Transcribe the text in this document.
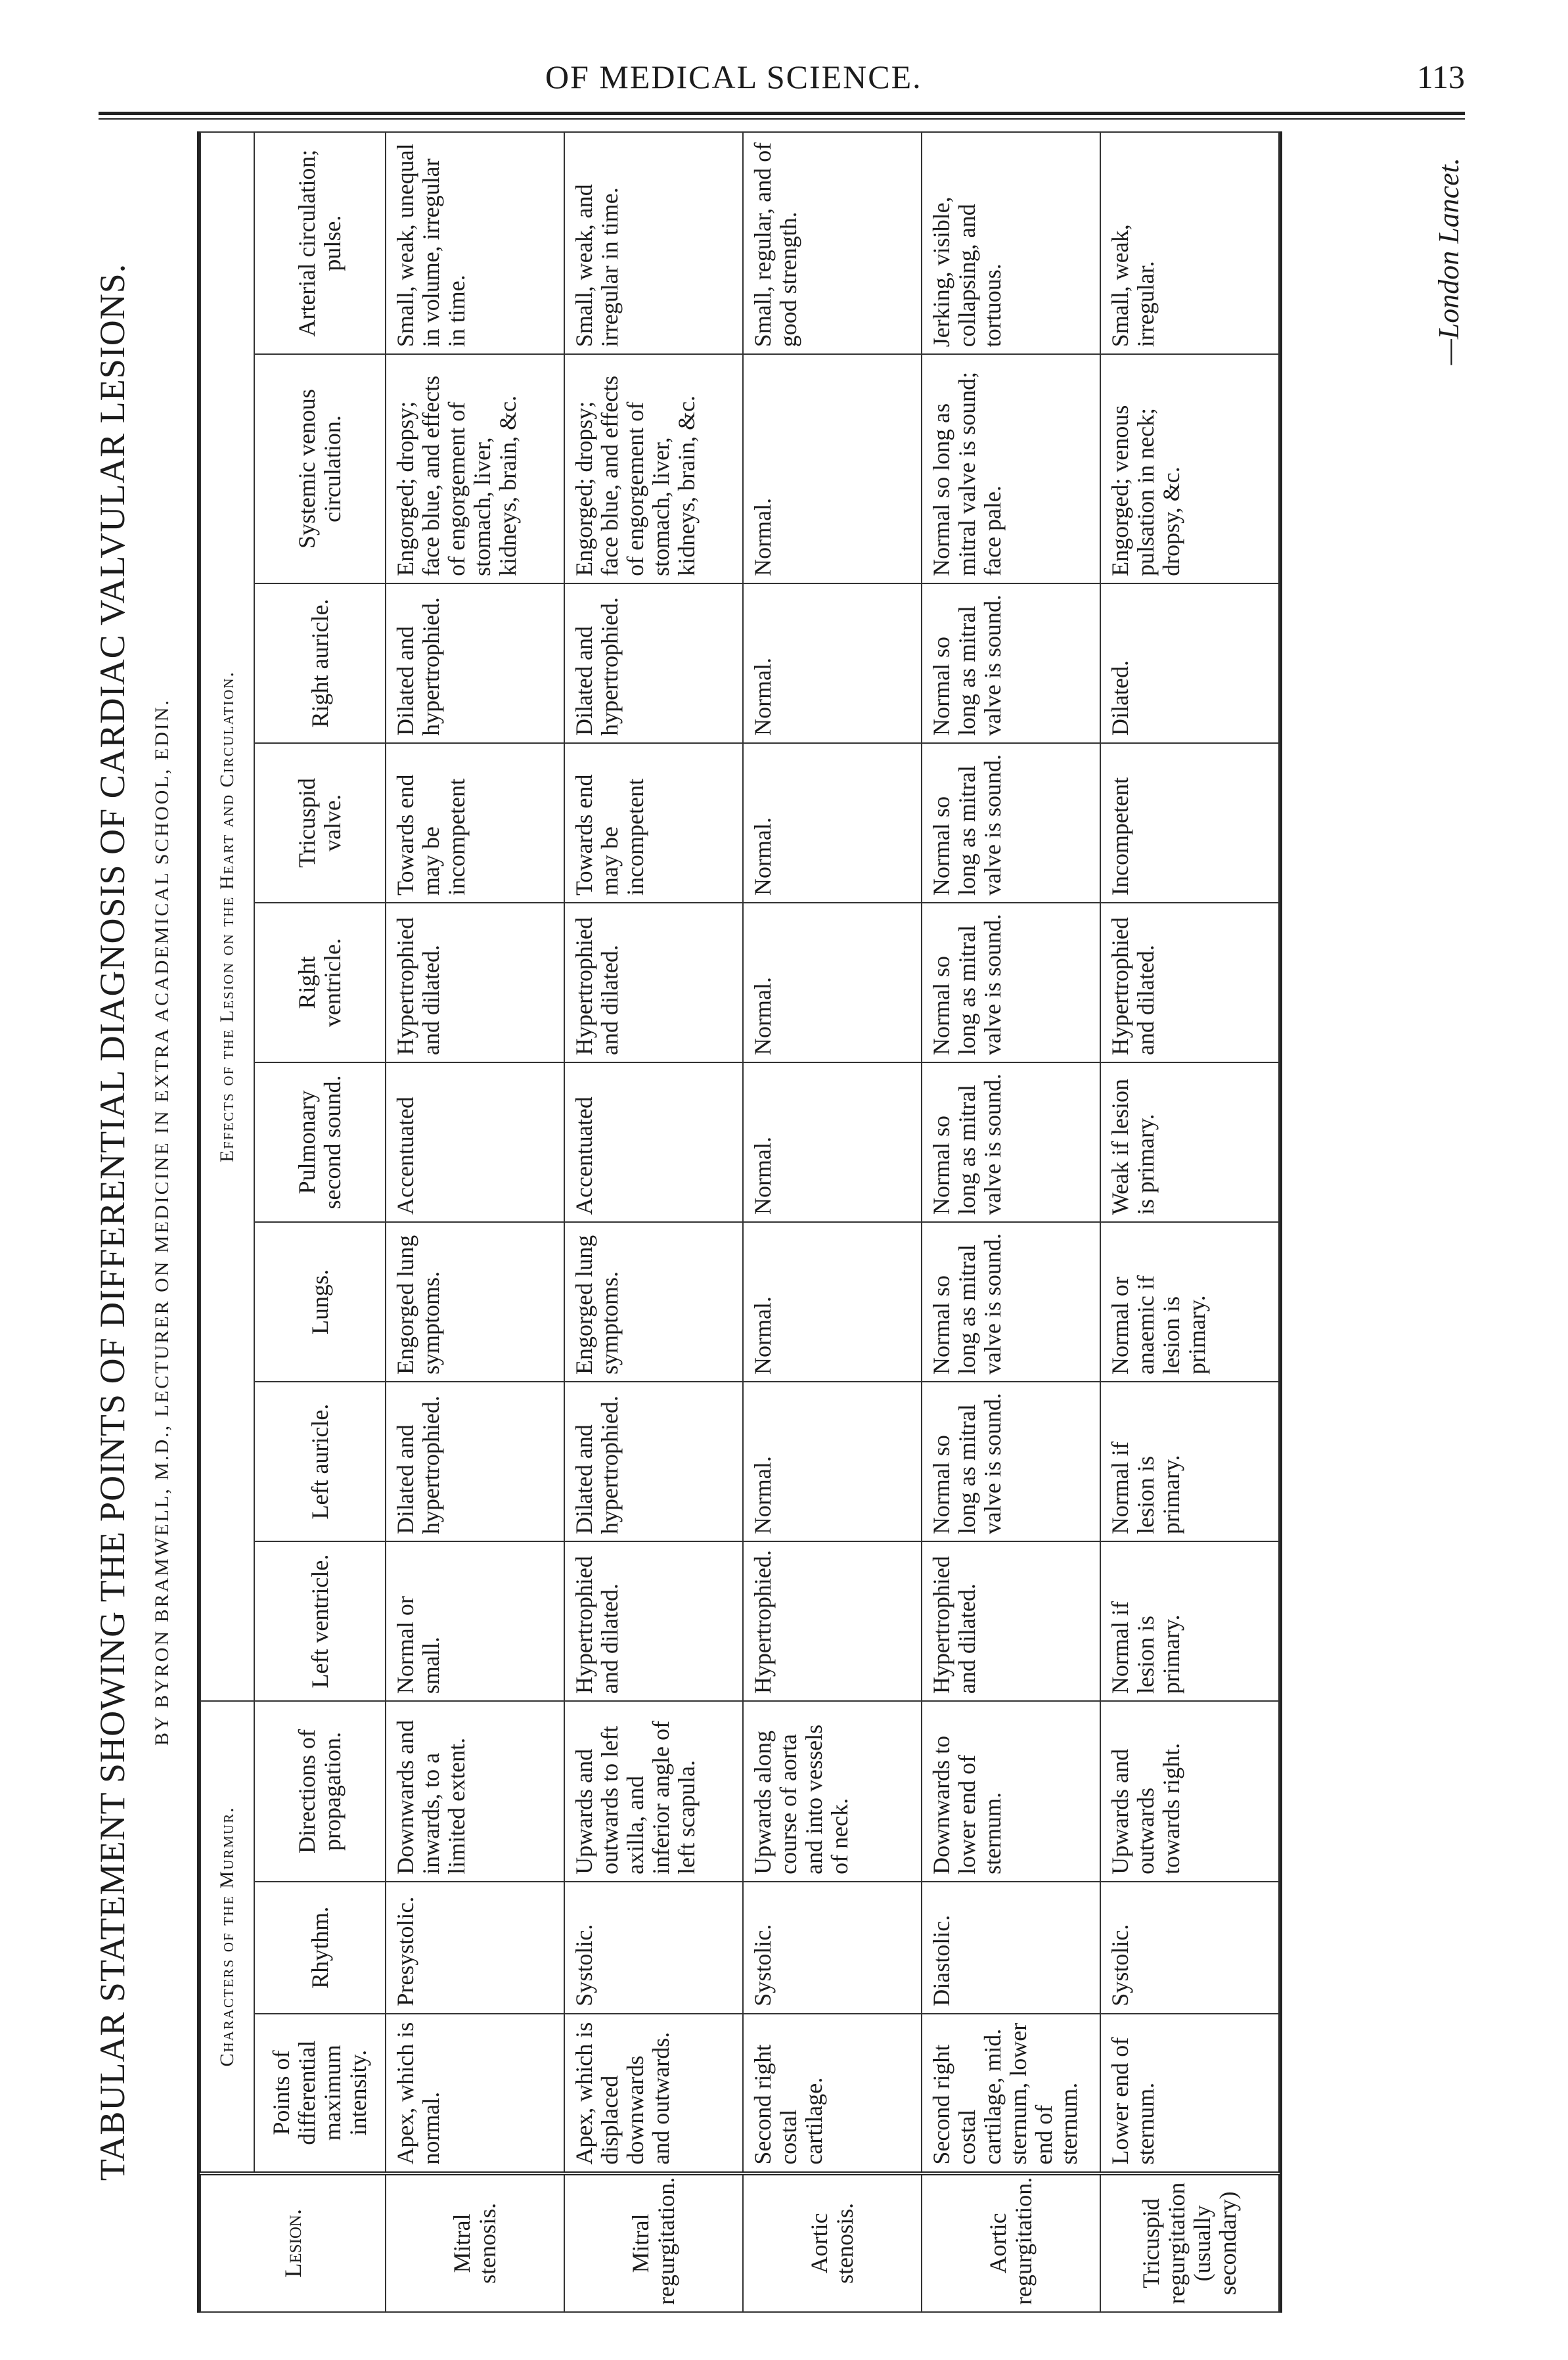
OF MEDICAL SCIENCE.	113
TABULAR STATEMENT SHOWING THE POINTS OF DIFFERENTIAL DIAGNOSIS OF CARDIAC VALVULAR LESIONS. BY BYRON BRAMWELL, M.D., LECTURER ON MEDICINE IN EXTRA ACADEMICAL SCHOOL, EDIN.
Lesion.	Characters of the Murmur.			Effects of the Lesion on the Heart and Circulation.								
	Points of differential maximum intensity.	Rhythm.	Directions of propagation.	Left ventricle.	Left auricle.	Lungs.	Pulmonary second sound.	Right ventricle.	Tricuspid valve.	Right auricle.	Systemic venous circulation.	Arterial circulation; pulse.
Mitral stenosis.	Apex, which is normal.	Presystolic.	Downwards and inwards, to a limited extent.	Normal or small.	Dilated and hypertrophied.	Engorged lung symptoms.	Accentuated	Hypertrophied and dilated.	Towards end may be incompetent	Dilated and hypertrophied.	Engorged; dropsy; face blue, and effects of engorgement of stomach, liver, kidneys, brain, &c.	Small, weak, unequal in volume, irregular in time.
Mitral regurgitation.	Apex, which is displaced downwards and outwards.	Systolic.	Upwards and outwards to left axilla, and inferior angle of left scapula.	Hypertrophied and dilated.	Dilated and hypertrophied.	Engorged lung symptoms.	Accentuated	Hypertrophied and dilated.	Towards end may be incompetent	Dilated and hypertrophied.	Engorged; dropsy; face blue, and effects of engorgement of stomach, liver, kidneys, brain, &c.	Small, weak, and irregular in time.
Aortic stenosis.	Second right costal cartilage.	Systolic.	Upwards along course of aorta and into vessels of neck.	Hypertrophied.	Normal.	Normal.	Normal.	Normal.	Normal.	Normal.	Normal.	Small, regular, and of good strength.
Aortic regurgitation.	Second right costal cartilage, mid. sternum, lower end of sternum.	Diastolic.	Downwards to lower end of sternum.	Hypertrophied and dilated.	Normal so long as mitral valve is sound.	Normal so long as mitral valve is sound.	Normal so long as mitral valve is sound.	Normal so long as mitral valve is sound.	Normal so long as mitral valve is sound.	Normal so long as mitral valve is sound.	Normal so long as mitral valve is sound; face pale.	Jerking, visible, collapsing, and tortuous.
Tricuspid regurgitation (usually secondary)	Lower end of sternum.	Systolic.	Upwards and outwards towards right.	Normal if lesion is primary.	Normal if lesion is primary.	Normal or anaemic if lesion is primary.	Weak if lesion is primary.	Hypertrophied and dilated.	Incompetent	Dilated.	Engorged; venous pulsation in neck; dropsy, &c.	Small, weak, irregular.	—London Lancet.
